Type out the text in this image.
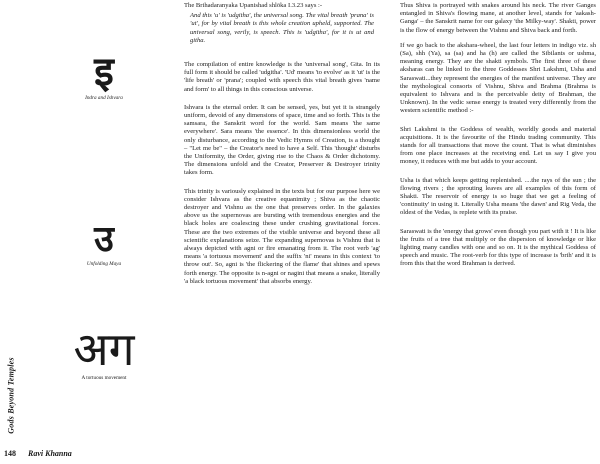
Gods Beyond Temples
148 Ravi Khanna
इ
Indra and Ishvara
उ
Unfolding Maya
अग
A tortuous movement

The Brihadaranyaka Upanishad shlōka I.3.23 says :-

And this 'u' is 'udgitha', the universal song. The vital breath 'prana' is 'ut', for by vital breath is this whole creation upheld, supported. The universal song, verily, is speech. This is 'udgitha', for it is ut and githa.

The compilation of entire knowledge is the 'universal song', Gita. In its full form it should be called 'udgitha'. 'Ud' means 'to evolve' as it 'ut' is the 'life breath' or 'prana'; coupled with speech this vital breath gives 'name and form' to all things in this conscious universe.

Ishvara is the eternal order. It can be sensed, yes, but yet it is strangely uniform, devoid of any dimensions of space, time and so forth. This is the samsara, the Sanskrit word for the world. Sam means 'the same everywhere'. Sara means 'the essence'. In this dimensionless world the only disturbance, according to the Vedic Hymns of Creation, is a thought – "Let me be" – the Creator's need to have a Self. This 'thought' disturbs the Uniformity, the Order, giving rise to the Chaos & Order dichotomy. The dimensions unfold and the Creator, Preserver & Destroyer trinity takes form.

This trinity is variously explained in the texts but for our purpose here we consider Ishvara as the creative equanimity ; Shiva as the chaotic destroyer and Vishnu as the one that preserves order. In the galaxies above us the supernovas are bursting with tremendous energies and the black holes are coalescing these under crushing gravitational forces. These are the two extremes of the visible universe and beyond these all scientific explanations seize. The expanding supernovas is Vishnu that is always depicted with agni or fire emanating from it. The root verb 'ag' means 'a tortuous movement' and the suffix 'ni' means in this context 'to throw out'. So, agni is 'the flickering of the flame' that shines and spews forth energy. The opposite is n-agni or nagini that means a snake, literally 'a black tortuous movement' that absorbs energy.

Thus Shiva is portrayed with snakes around his neck. The river Ganges entangled in Shiva's flowing mane, at another level, stands for 'aakash-Ganga' – the Sanskrit name for our galaxy 'the Milky-way'. Shakti, power is the flow of energy between the Vishnu and Shiva back and forth.

If we go back to the akshara-wheel, the last four letters in indigo viz. sh (Sa), shh (Ya), sa (sa) and ha (h) are called the Sibilants or ushma, meaning energy. They are the shakti symbols. The first three of these aksharas can be linked to the three Goddesses Shri Lakshmi, Usha and Saraswati...they represent the energies of the manifest universe. They are the mythological consorts of Vishnu, Shiva and Brahma (Brahma is equivalent to Ishvara and is the perceivable deity of Brahman, the Unknown). In the vedic sense energy is treated very differently from the western scientific method :-

Shri Lakshmi is the Goddess of wealth, worldly goods and material acquisitions. It is the favourite of the Hindu trading community. This stands for all transactions that move the count. That is what diminishes from one place increases at the receiving end. Let us say I give you money, it reduces with me but adds to your account.

Usha is that which keeps getting replenished. ....the rays of the sun ; the flowing rivers ; the sprouting leaves are all examples of this form of Shakti. The reservoir of energy is so huge that we get a feeling of 'continuity' in using it. Literally Usha means 'the dawn' and Rig Veda, the oldest of the Vedas, is replete with its praise.

Saraswati is the 'energy that grows' even though you part with it ! It is like the fruits of a tree that multiply or the dispersion of knowledge or like lighting many candles with one and so on. It is the mythical Goddess of speech and music. The root-verb for this type of increase is 'brih' and it is from this that the word Brahman is derived.
